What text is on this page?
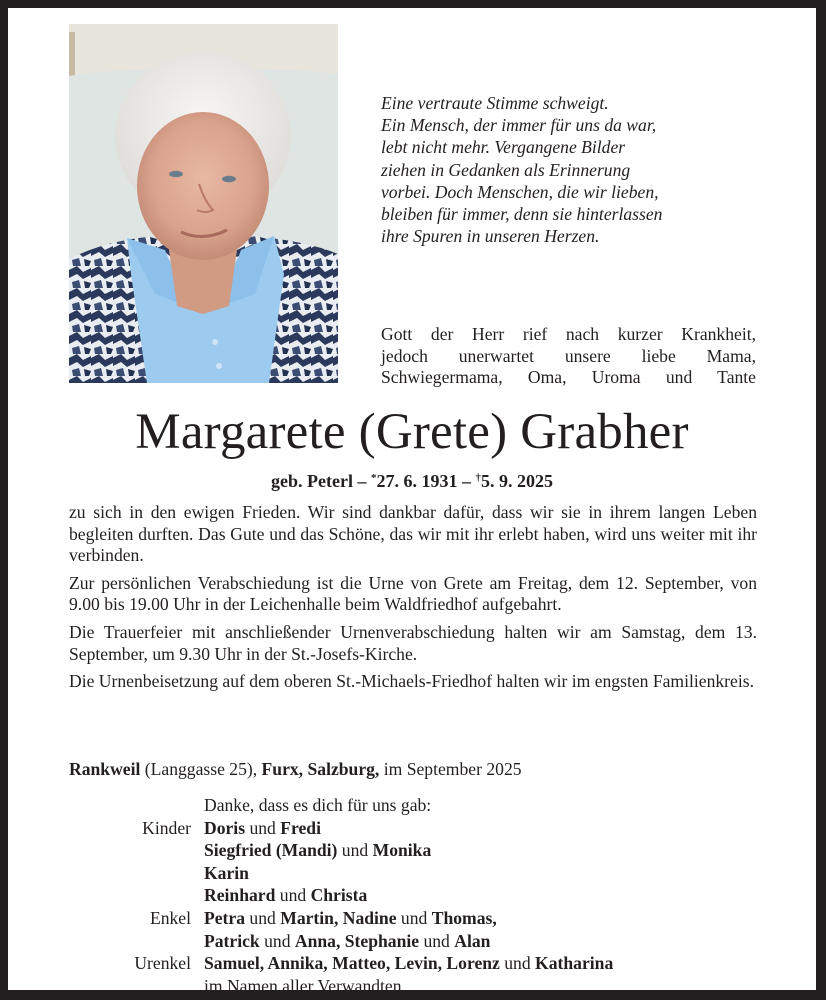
Eine vertraute Stimme schweigt.
Ein Mensch, der immer für uns da war,
lebt nicht mehr. Vergangene Bilder
ziehen in Gedanken als Erinnerung
vorbei. Doch Menschen, die wir lieben,
bleiben für immer, denn sie hinterlassen
ihre Spuren in unseren Herzen.
Gott der Herr rief nach kurzer Krankheit,
jedoch unerwartet unsere liebe Mama,
Schwiegermama, Oma, Uroma und Tante
Margarete (Grete) Grabher
geb. Peterl – *27. 6. 1931 – †5. 9. 2025

zu sich in den ewigen Frieden. Wir sind dankbar dafür, dass wir sie in ihrem langen Leben begleiten durften. Das Gute und das Schöne, das wir mit ihr erlebt haben, wird uns weiter mit ihr verbinden.

Zur persönlichen Verabschiedung ist die Urne von Grete am Freitag, dem 12. September, von 9.00 bis 19.00 Uhr in der Leichenhalle beim Waldfriedhof aufgebahrt.

Die Trauerfeier mit anschließender Urnenverabschiedung halten wir am Samstag, dem 13. September, um 9.30 Uhr in der St.-Josefs-Kirche.

Die Urnenbeisetzung auf dem oberen St.-Michaels-Friedhof halten wir im engsten Familienkreis.

Rankweil (Langgasse 25), Furx, Salzburg, im September 2025
Danke, dass es dich für uns gab:
Kinder Doris und Fredi
Siegfried (Mandi) und Monika
Karin
Reinhard und Christa
Enkel Petra und Martin, Nadine und Thomas,
Patrick und Anna, Stephanie und Alan
Urenkel Samuel, Annika, Matteo, Levin, Lorenz und Katharina
im Namen aller Verwandten
